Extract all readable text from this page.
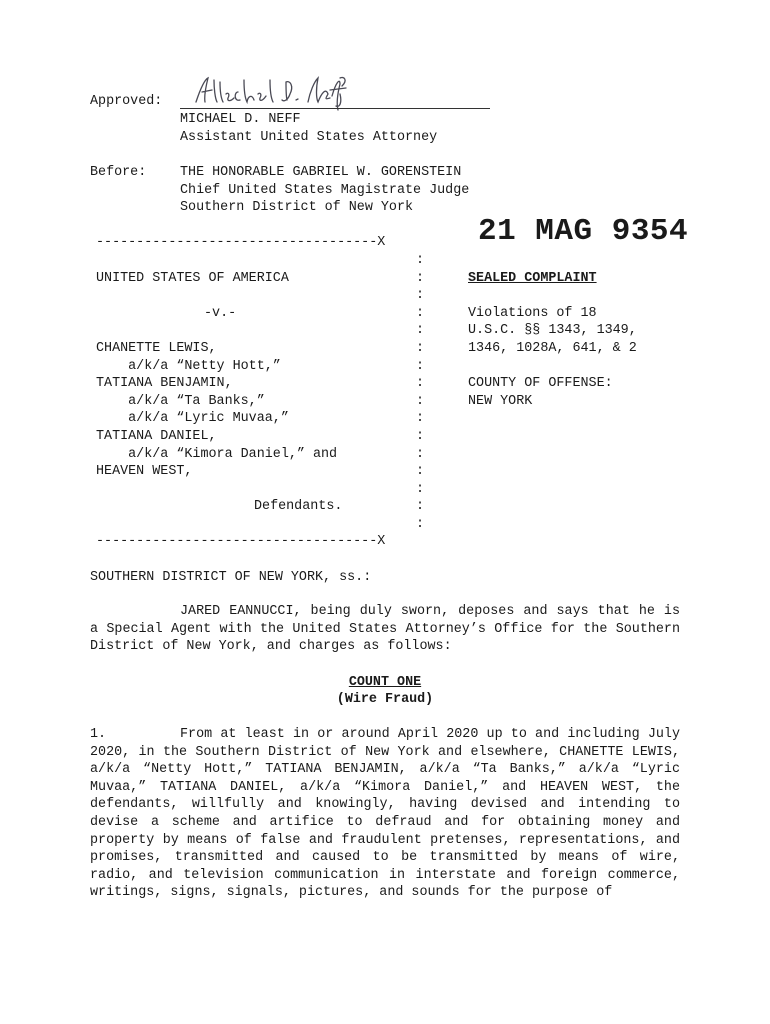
Approved:
MICHAEL D. NEFF
Assistant United States Attorney
Before:	THE HONORABLE GABRIEL W. GORENSTEIN
Chief United States Magistrate Judge
Southern District of New York
21 MAG 9354
-----------------------------------X
:
:
:
:
:
:
:
:
:
:
:
:
:
:
:
:
UNITED STATES OF AMERICA
-v.-
CHANETTE LEWIS,
a/k/a “Netty Hott,”
TATIANA BENJAMIN,
a/k/a “Ta Banks,”
a/k/a “Lyric Muvaa,”
TATIANA DANIEL,
a/k/a “Kimora Daniel,” and
HEAVEN WEST,
Defendants.
-----------------------------------X
SEALED COMPLAINT
Violations of 18
U.S.C. §§ 1343, 1349,
1346, 1028A, 641, & 2
COUNTY OF OFFENSE:
NEW YORK
SOUTHERN DISTRICT OF NEW YORK, ss.:
JARED EANNUCCI, being duly sworn, deposes and says that he is a Special Agent with the United States Attorney’s Office for the Southern District of New York, and charges as follows:
COUNT ONE
(Wire Fraud)
1.	From at least in or around April 2020 up to and including July 2020, in the Southern District of New York and elsewhere, CHANETTE LEWIS, a/k/a “Netty Hott,” TATIANA BENJAMIN, a/k/a “Ta Banks,” a/k/a “Lyric Muvaa,” TATIANA DANIEL, a/k/a “Kimora Daniel,” and HEAVEN WEST, the defendants, willfully and knowingly, having devised and intending to devise a scheme and artifice to defraud and for obtaining money and property by means of false and fraudulent pretenses, representations, and promises, transmitted and caused to be transmitted by means of wire, radio, and television communication in interstate and foreign commerce, writings, signs, signals, pictures, and sounds for the purpose of
